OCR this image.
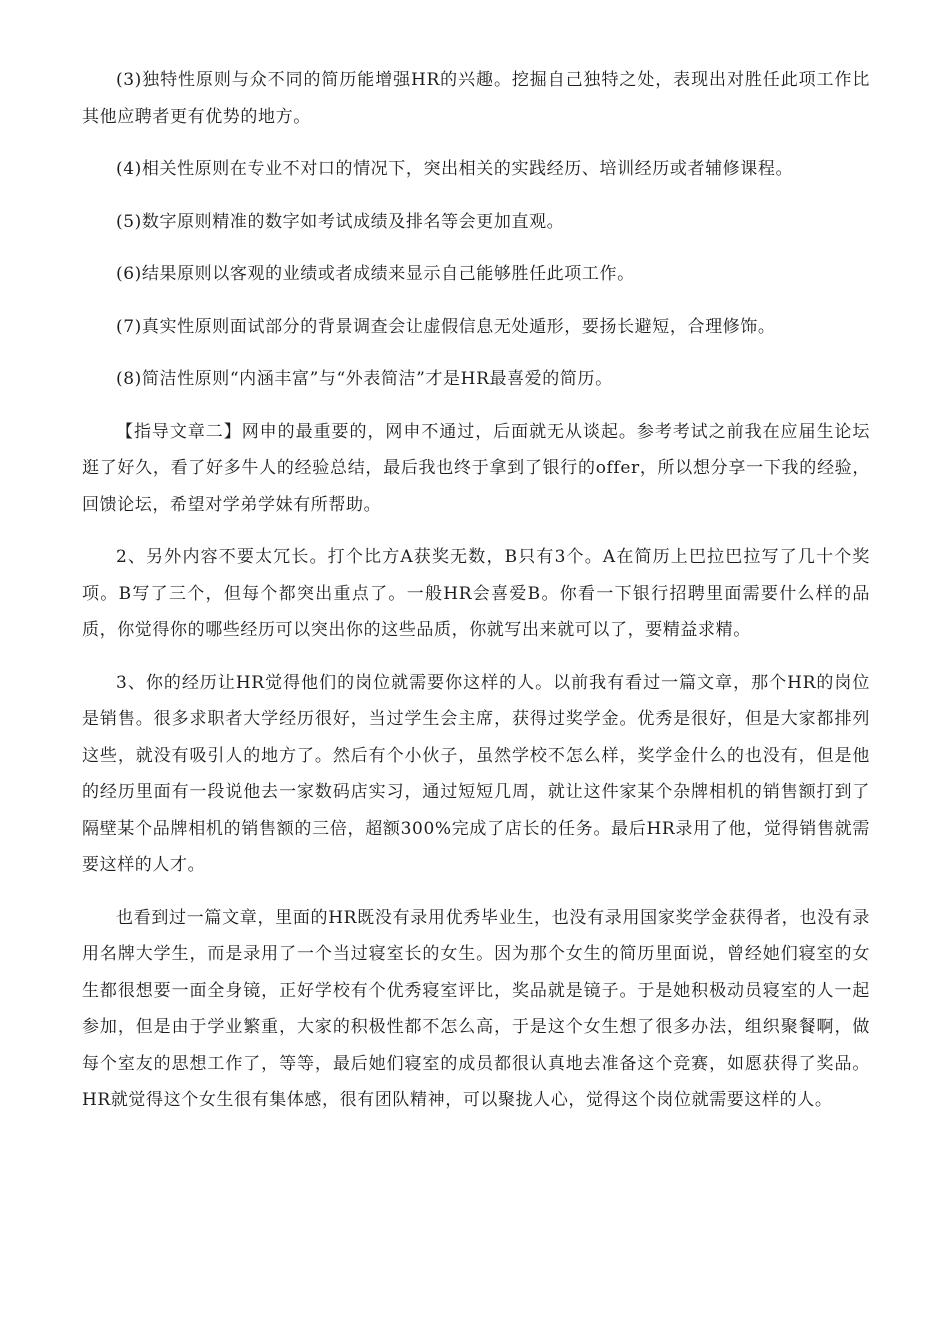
(3)独特性原则与众不同的简历能增强HR的兴趣。挖掘自己独特之处，表现出对胜任此项工作比其他应聘者更有优势的地方。

(4)相关性原则在专业不对口的情况下，突出相关的实践经历、培训经历或者辅修课程。

(5)数字原则精准的数字如考试成绩及排名等会更加直观。

(6)结果原则以客观的业绩或者成绩来显示自己能够胜任此项工作。

(7)真实性原则面试部分的背景调查会让虚假信息无处遁形，要扬长避短，合理修饰。

(8)简洁性原则“内涵丰富”与“外表简洁”才是HR最喜爱的简历。

【指导文章二】网申的最重要的，网申不通过，后面就无从谈起。参考考试之前我在应届生论坛逛了好久，看了好多牛人的经验总结，最后我也终于拿到了银行的offer，所以想分享一下我的经验，回馈论坛，希望对学弟学妹有所帮助。

2、另外内容不要太冗长。打个比方A获奖无数，B只有3个。A在简历上巴拉巴拉写了几十个奖项。B写了三个，但每个都突出重点了。一般HR会喜爱B。你看一下银行招聘里面需要什么样的品质，你觉得你的哪些经历可以突出你的这些品质，你就写出来就可以了，要精益求精。

3、你的经历让HR觉得他们的岗位就需要你这样的人。以前我有看过一篇文章，那个HR的岗位是销售。很多求职者大学经历很好，当过学生会主席，获得过奖学金。优秀是很好，但是大家都排列这些，就没有吸引人的地方了。然后有个小伙子，虽然学校不怎么样，奖学金什么的也没有，但是他的经历里面有一段说他去一家数码店实习，通过短短几周，就让这件家某个杂牌相机的销售额打到了隔壁某个品牌相机的销售额的三倍，超额300%完成了店长的任务。最后HR录用了他，觉得销售就需要这样的人才。

也看到过一篇文章，里面的HR既没有录用优秀毕业生，也没有录用国家奖学金获得者，也没有录用名牌大学生，而是录用了一个当过寝室长的女生。因为那个女生的简历里面说，曾经她们寝室的女生都很想要一面全身镜，正好学校有个优秀寝室评比，奖品就是镜子。于是她积极动员寝室的人一起参加，但是由于学业繁重，大家的积极性都不怎么高，于是这个女生想了很多办法，组织聚餐啊，做每个室友的思想工作了，等等，最后她们寝室的成员都很认真地去准备这个竞赛，如愿获得了奖品。HR就觉得这个女生很有集体感，很有团队精神，可以聚拢人心，觉得这个岗位就需要这样的人。
